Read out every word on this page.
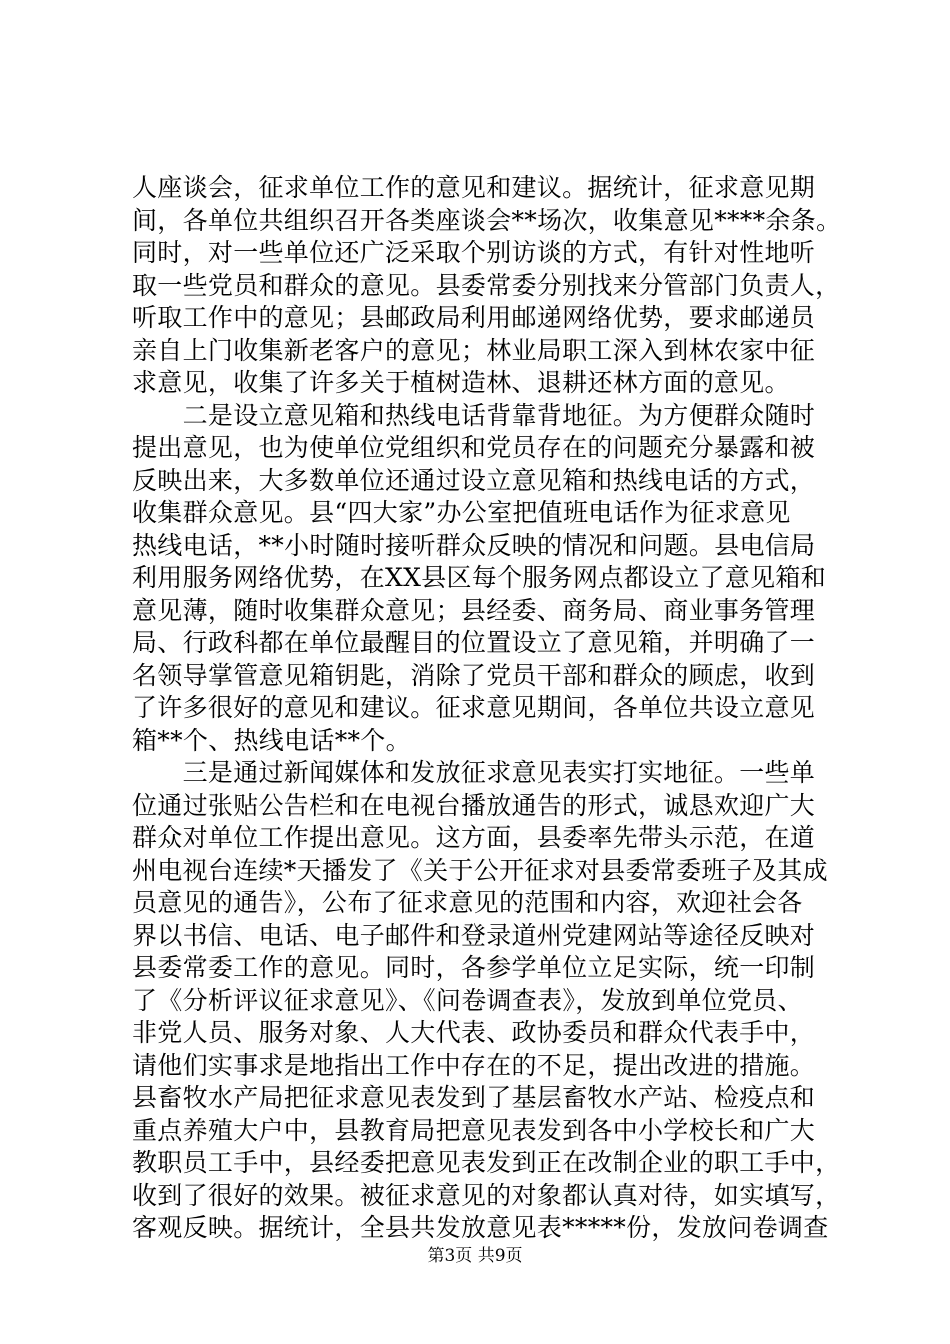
人座谈会，征求单位工作的意见和建议。据统计，征求意见期
间，各单位共组织召开各类座谈会**场次，收集意见****余条。
同时，对一些单位还广泛采取个别访谈的方式，有针对性地听
取一些党员和群众的意见。县委常委分别找来分管部门负责人，
听取工作中的意见；县邮政局利用邮递网络优势，要求邮递员
亲自上门收集新老客户的意见；林业局职工深入到林农家中征
求意见，收集了许多关于植树造林、退耕还林方面的意见。
　　二是设立意见箱和热线电话背靠背地征。为方便群众随时
提出意见，也为使单位党组织和党员存在的问题充分暴露和被
反映出来，大多数单位还通过设立意见箱和热线电话的方式，
收集群众意见。县“四大家”办公室把值班电话作为征求意见
热线电话，**小时随时接听群众反映的情况和问题。县电信局
利用服务网络优势，在XX县区每个服务网点都设立了意见箱和
意见薄，随时收集群众意见；县经委、商务局、商业事务管理
局、行政科都在单位最醒目的位置设立了意见箱，并明确了一
名领导掌管意见箱钥匙，消除了党员干部和群众的顾虑，收到
了许多很好的意见和建议。征求意见期间，各单位共设立意见
箱**个、热线电话**个。
　　三是通过新闻媒体和发放征求意见表实打实地征。一些单
位通过张贴公告栏和在电视台播放通告的形式，诚恳欢迎广大
群众对单位工作提出意见。这方面，县委率先带头示范，在道
州电视台连续*天播发了《关于公开征求对县委常委班子及其成
员意见的通告》，公布了征求意见的范围和内容，欢迎社会各
界以书信、电话、电子邮件和登录道州党建网站等途径反映对
县委常委工作的意见。同时，各参学单位立足实际，统一印制
了《分析评议征求意见》、《问卷调查表》，发放到单位党员、
非党人员、服务对象、人大代表、政协委员和群众代表手中，
请他们实事求是地指出工作中存在的不足，提出改进的措施。
县畜牧水产局把征求意见表发到了基层畜牧水产站、检疫点和
重点养殖大户中，县教育局把意见表发到各中小学校长和广大
教职员工手中，县经委把意见表发到正在改制企业的职工手中，
收到了很好的效果。被征求意见的对象都认真对待，如实填写，
客观反映。据统计，全县共发放意见表*****份，发放问卷调查
第3页 共9页
